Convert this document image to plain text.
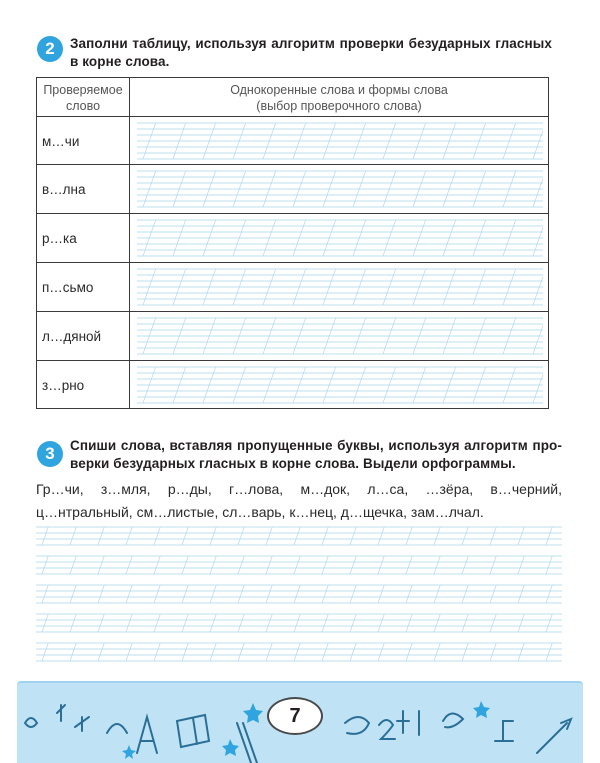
2 Заполни таблицу, используя алгоритм проверки безударных гласных в корне слова.
Проверяемое слово
Однокоренные слова и формы слова
(выбор проверочного слова)
м…чи
в…лна
р…ка
п…сьмо
л…дяной
з…рно
3 Спиши слова, вставляя пропущенные буквы, используя алгоритм про-
верки безударных гласных в корне слова. Выдели орфограммы.
Гр…чи, з…мля, р…ды, г…лова, м…док, л…са, …зёра, в…черний,
ц…нтральный, см…листые, сл…варь, к…нец, д…щечка, зам…лчал.
7
